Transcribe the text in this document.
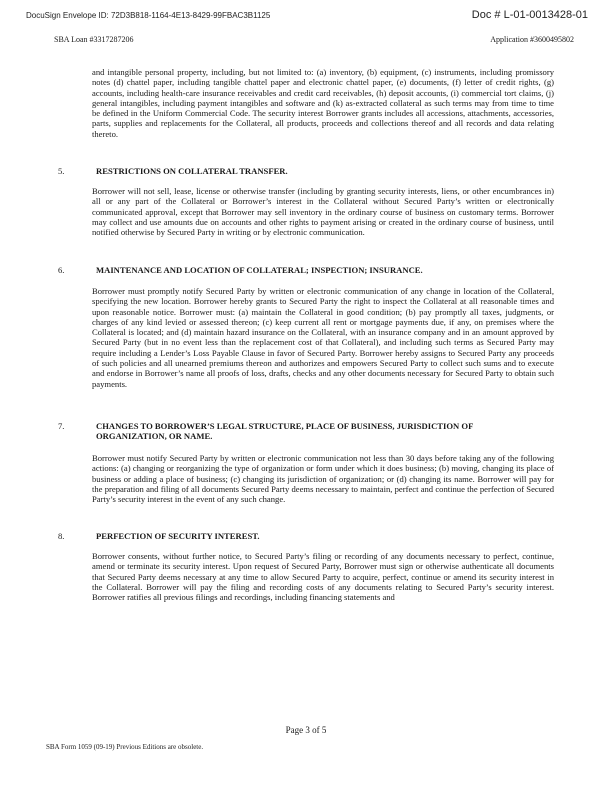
DocuSign Envelope ID: 72D3B818-1164-4E13-8429-99FBAC3B1125	Doc # L-01-0013428-01
SBA Loan #3317287206	Application #3600495802

and intangible personal property, including, but not limited to: (a) inventory, (b) equipment, (c) instruments, including promissory notes (d) chattel paper, including tangible chattel paper and electronic chattel paper, (e) documents, (f) letter of credit rights, (g) accounts, including health-care insurance receivables and credit card receivables, (h) deposit accounts, (i) commercial tort claims, (j) general intangibles, including payment intangibles and software and (k) as-extracted collateral as such terms may from time to time be defined in the Uniform Commercial Code. The security interest Borrower grants includes all accessions, attachments, accessories, parts, supplies and replacements for the Collateral, all products, proceeds and collections thereof and all records and data relating thereto.

5.	RESTRICTIONS ON COLLATERAL TRANSFER.

Borrower will not sell, lease, license or otherwise transfer (including by granting security interests, liens, or other encumbrances in) all or any part of the Collateral or Borrower’s interest in the Collateral without Secured Party’s written or electronically communicated approval, except that Borrower may sell inventory in the ordinary course of business on customary terms. Borrower may collect and use amounts due on accounts and other rights to payment arising or created in the ordinary course of business, until notified otherwise by Secured Party in writing or by electronic communication.

6.	MAINTENANCE AND LOCATION OF COLLATERAL; INSPECTION; INSURANCE.

Borrower must promptly notify Secured Party by written or electronic communication of any change in location of the Collateral, specifying the new location. Borrower hereby grants to Secured Party the right to inspect the Collateral at all reasonable times and upon reasonable notice. Borrower must: (a) maintain the Collateral in good condition; (b) pay promptly all taxes, judgments, or charges of any kind levied or assessed thereon; (c) keep current all rent or mortgage payments due, if any, on premises where the Collateral is located; and (d) maintain hazard insurance on the Collateral, with an insurance company and in an amount approved by Secured Party (but in no event less than the replacement cost of that Collateral), and including such terms as Secured Party may require including a Lender’s Loss Payable Clause in favor of Secured Party. Borrower hereby assigns to Secured Party any proceeds of such policies and all unearned premiums thereon and authorizes and empowers Secured Party to collect such sums and to execute and endorse in Borrower’s name all proofs of loss, drafts, checks and any other documents necessary for Secured Party to obtain such payments.

7.	CHANGES TO BORROWER’S LEGAL STRUCTURE, PLACE OF BUSINESS, JURISDICTION OF ORGANIZATION, OR NAME.

Borrower must notify Secured Party by written or electronic communication not less than 30 days before taking any of the following actions: (a) changing or reorganizing the type of organization or form under which it does business; (b) moving, changing its place of business or adding a place of business; (c) changing its jurisdiction of organization; or (d) changing its name. Borrower will pay for the preparation and filing of all documents Secured Party deems necessary to maintain, perfect and continue the perfection of Secured Party’s security interest in the event of any such change.

8.	PERFECTION OF SECURITY INTEREST.

Borrower consents, without further notice, to Secured Party’s filing or recording of any documents necessary to perfect, continue, amend or terminate its security interest. Upon request of Secured Party, Borrower must sign or otherwise authenticate all documents that Secured Party deems necessary at any time to allow Secured Party to acquire, perfect, continue or amend its security interest in the Collateral. Borrower will pay the filing and recording costs of any documents relating to Secured Party’s security interest. Borrower ratifies all previous filings and recordings, including financing statements and

Page 3 of 5
SBA Form 1059 (09-19) Previous Editions are obsolete.
